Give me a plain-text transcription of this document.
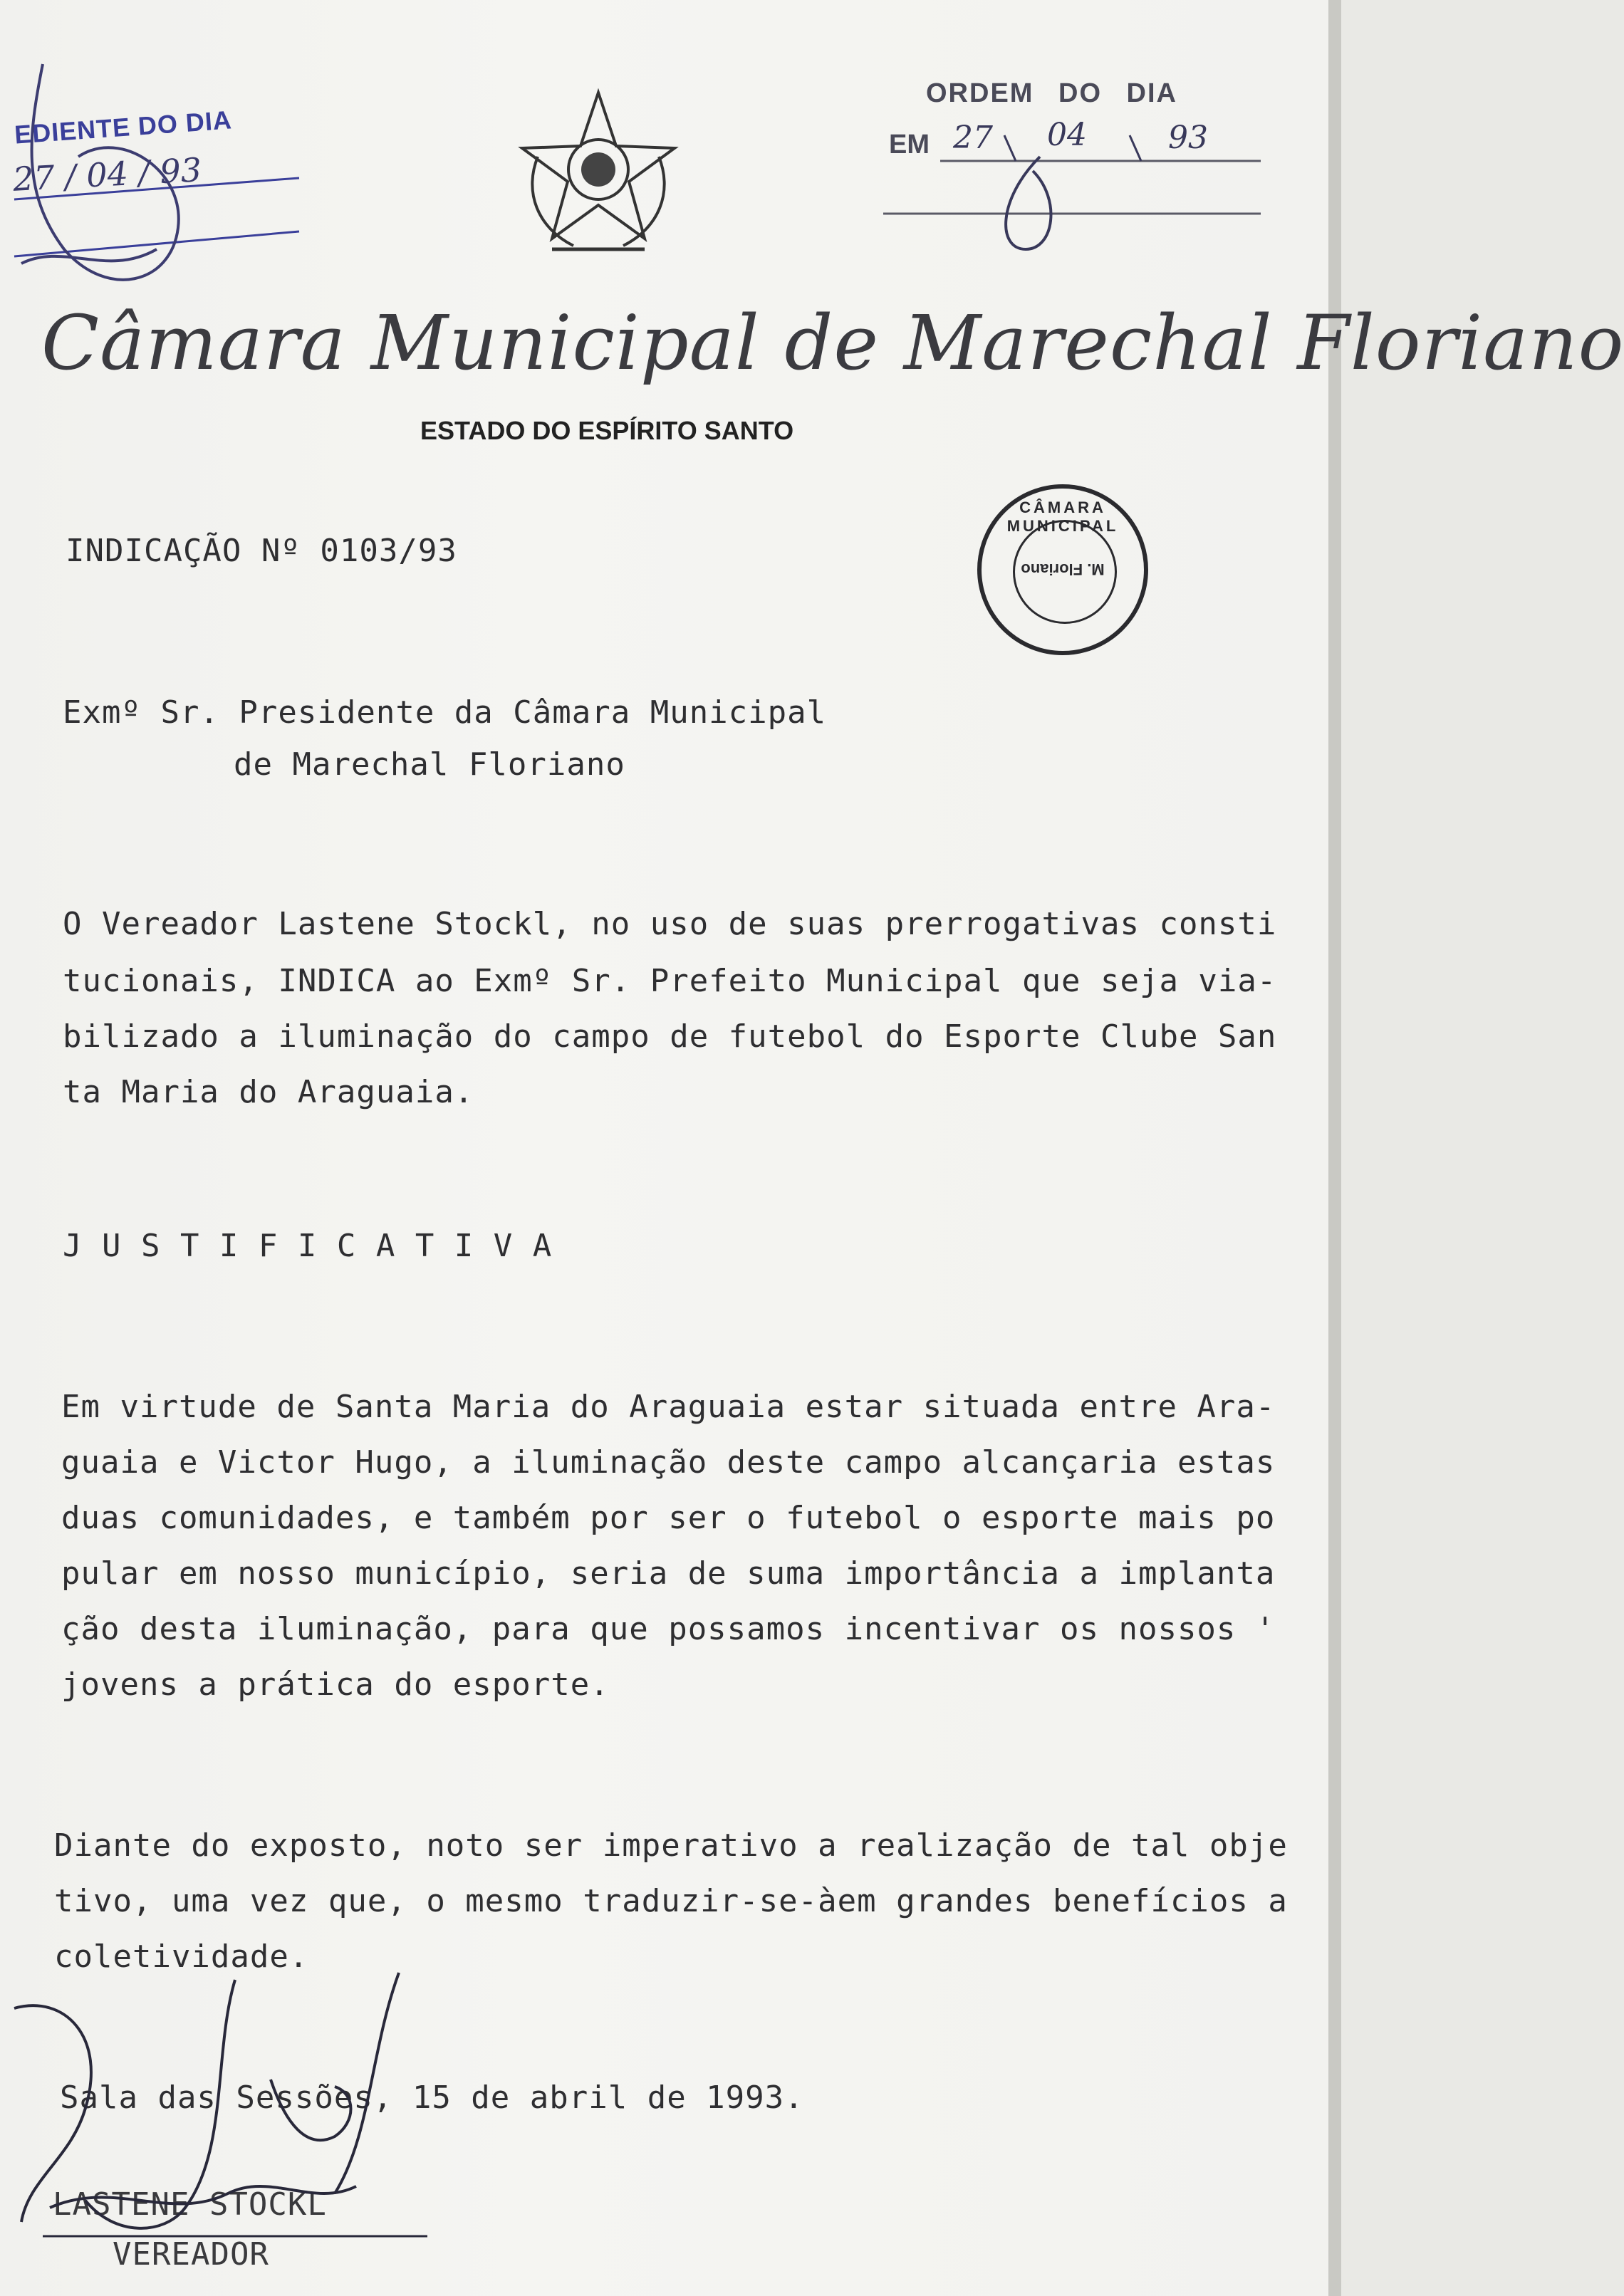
EDIENTE DO DIA
27 / 04 / 93
ORDEM DO DIA
EM 27 04	93
Câmara Municipal de Marechal Floriano
ESTADO DO ESPÍRITO SANTO
CÂMARA MUNICIPAL
M. Floriano
INDICAÇÃO Nº 0103/93
Exmº Sr. Presidente da Câmara Municipal
de Marechal Floriano
O Vereador Lastene Stockl, no uso de suas prerrogativas consti
tucionais, INDICA ao Exmº Sr. Prefeito Municipal que seja via-
bilizado a iluminação do campo de futebol do Esporte Clube San
ta Maria do Araguaia.
J U S T I F I C A T I V A
Em virtude de Santa Maria do Araguaia estar situada entre Ara-
guaia e Victor Hugo, a iluminação deste campo alcançaria estas
duas comunidades, e também por ser o futebol o esporte mais po
pular em nosso município, seria de suma importância a implanta
ção desta iluminação, para que possamos incentivar os nossos '
jovens a prática do esporte.
Diante do exposto, noto ser imperativo a realização de tal obje
tivo, uma vez que, o mesmo traduzir-se-àem grandes benefícios a
coletividade.
Sala das Sessões, 15 de abril de 1993.
LASTENE STOCKL
VEREADOR
